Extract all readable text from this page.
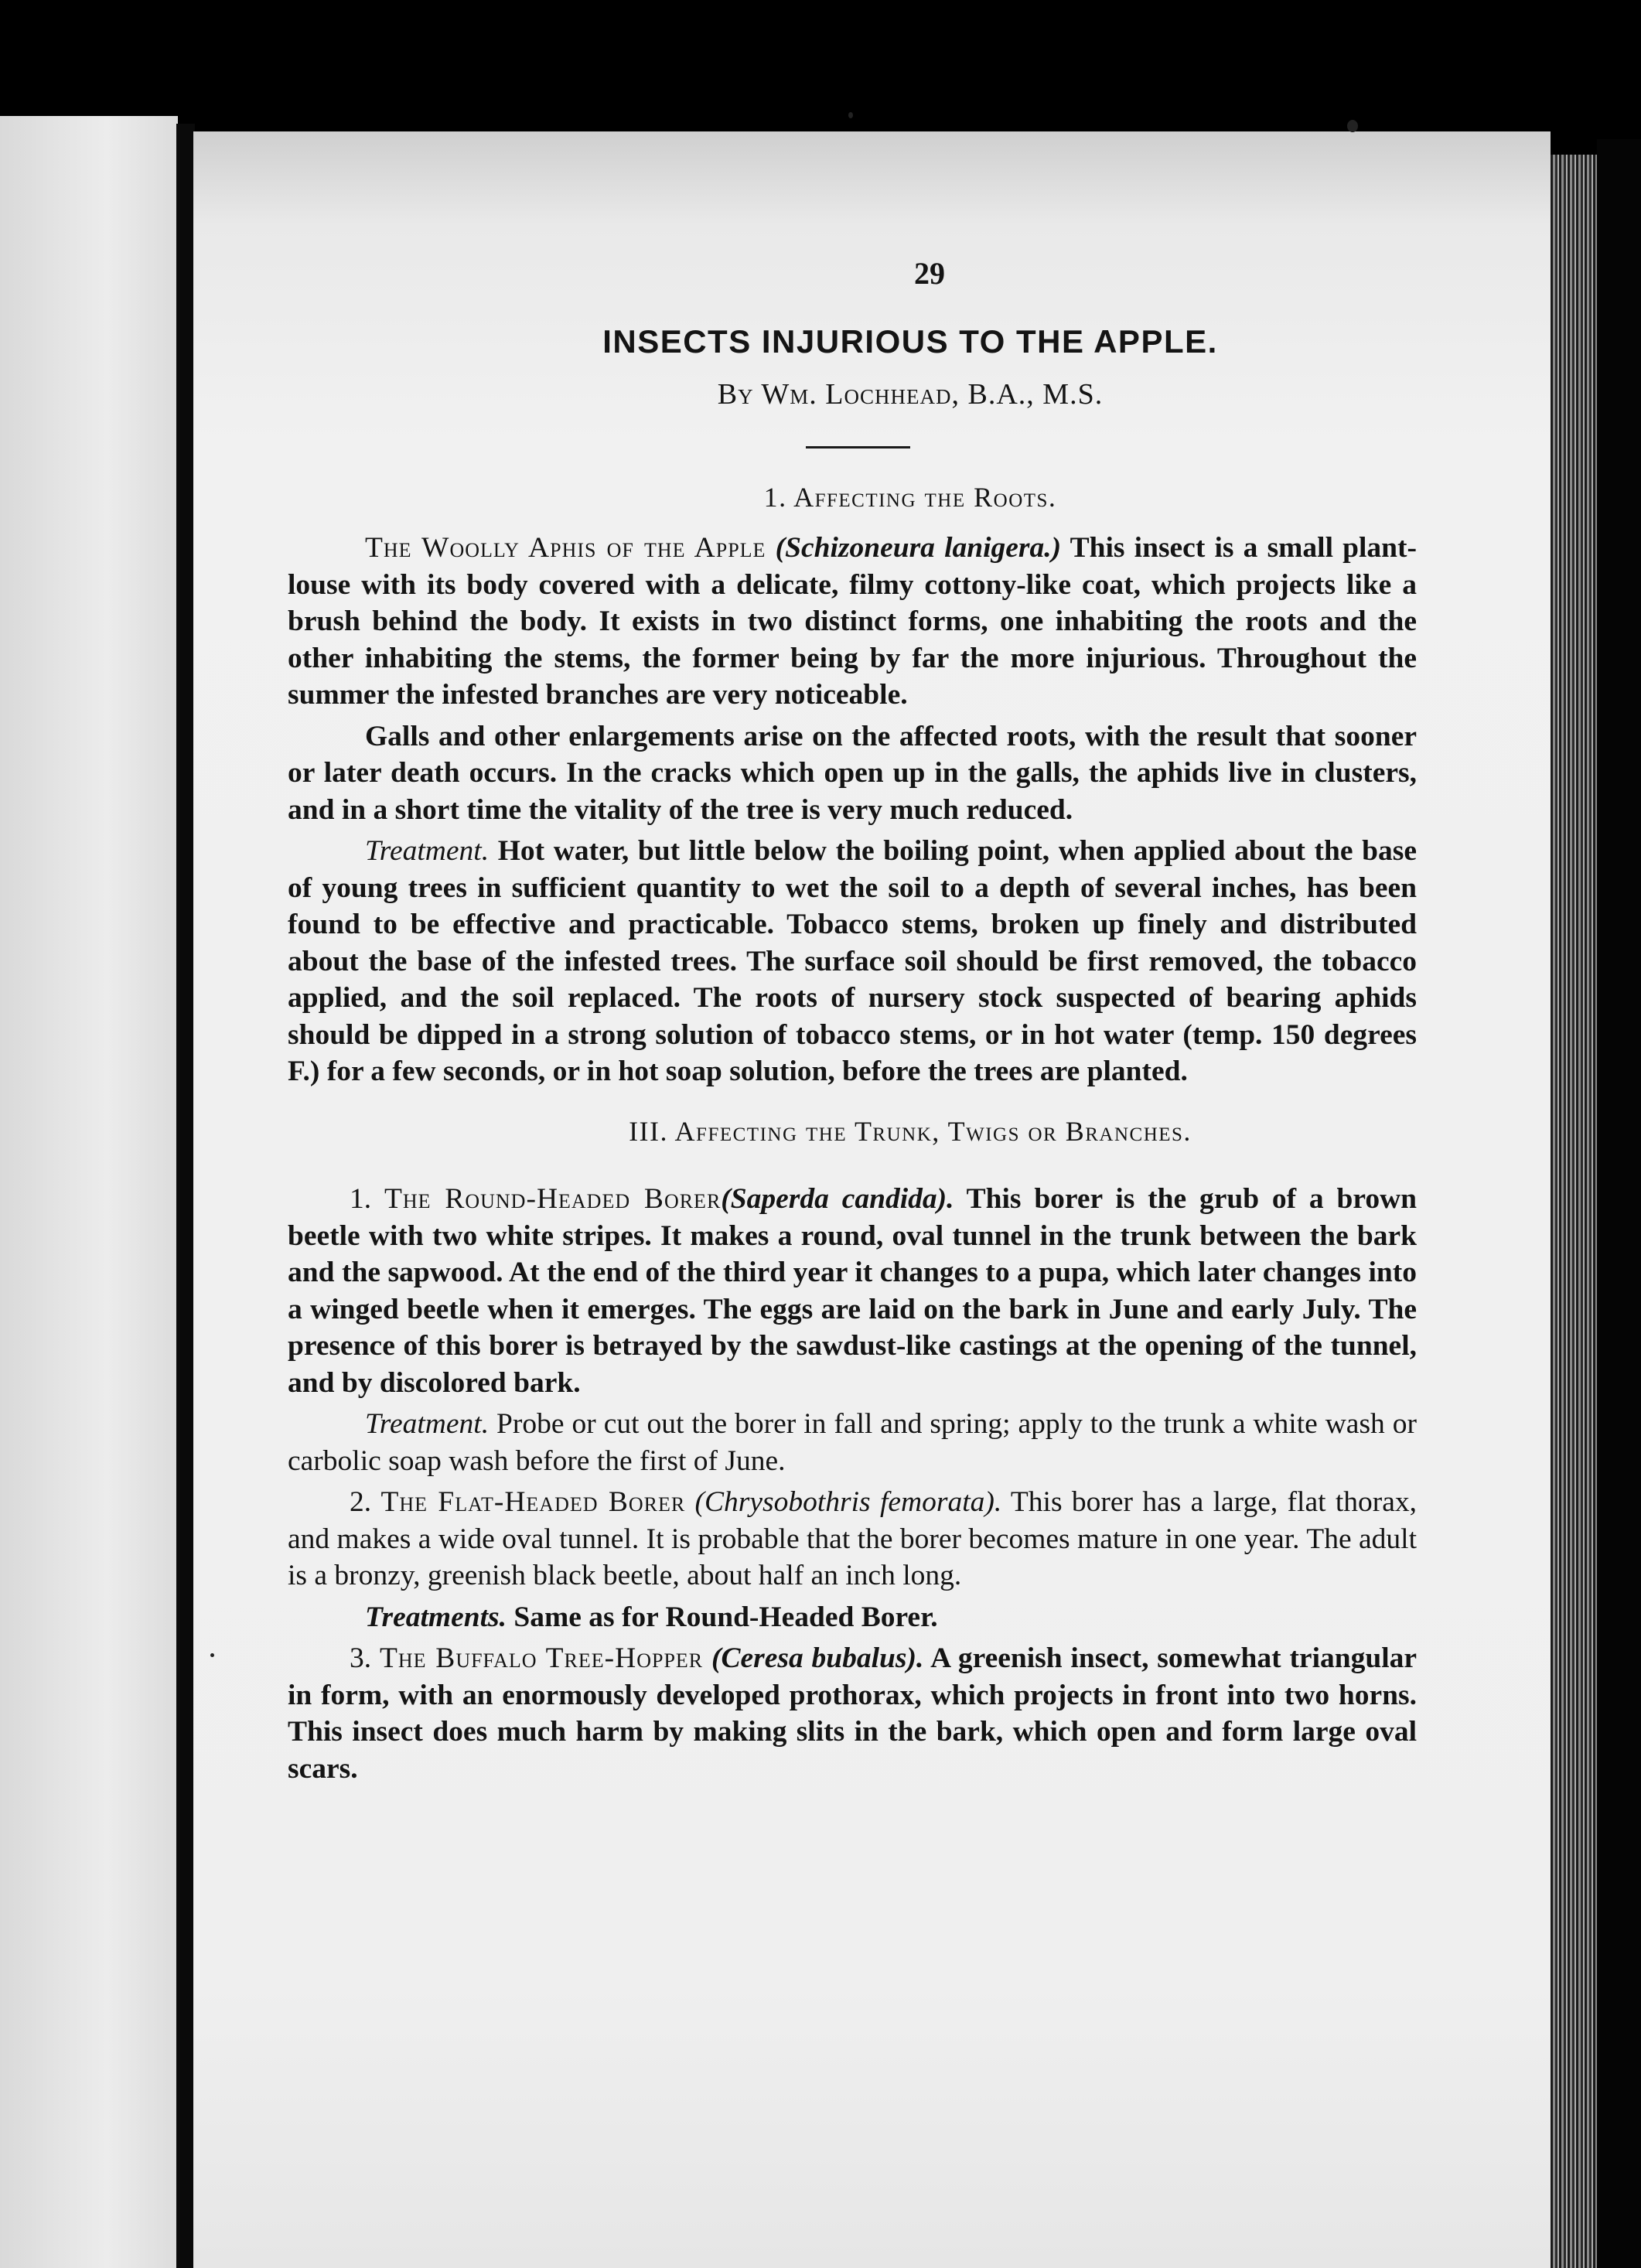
29
INSECTS INJURIOUS TO THE APPLE.
By Wm. Lochhead, B.A., M.S.
1. Affecting the Roots.

The Woolly Aphis of the Apple (Schizoneura lanigera.) This insect is a small plant-louse with its body covered with a delicate, filmy cottony-like coat, which projects like a brush behind the body. It exists in two distinct forms, one inhabiting the roots and the other inhabiting the stems, the former being by far the more injurious. Throughout the summer the infested branches are very noticeable.

Galls and other enlargements arise on the affected roots, with the result that sooner or later death occurs. In the cracks which open up in the galls, the aphids live in clusters, and in a short time the vitality of the tree is very much reduced.

Treatment. Hot water, but little below the boiling point, when applied about the base of young trees in sufficient quantity to wet the soil to a depth of several inches, has been found to be effective and practicable. Tobacco stems, broken up finely and distributed about the base of the infested trees. The surface soil should be first removed, the tobacco applied, and the soil replaced. The roots of nursery stock suspected of bearing aphids should be dipped in a strong solution of tobacco stems, or in hot water (temp. 150 degrees F.) for a few seconds, or in hot soap solution, before the trees are planted.

III. Affecting the Trunk, Twigs or Branches.

1. The Round-Headed Borer(Saperda candida). This borer is the grub of a brown beetle with two white stripes. It makes a round, oval tunnel in the trunk between the bark and the sapwood. At the end of the third year it changes to a pupa, which later changes into a winged beetle when it emerges. The eggs are laid on the bark in June and early July. The presence of this borer is betrayed by the sawdust-like castings at the opening of the tunnel, and by discolored bark.

Treatment. Probe or cut out the borer in fall and spring; apply to the trunk a white wash or carbolic soap wash before the first of June.

2. The Flat-Headed Borer (Chrysobothris femorata). This borer has a large, flat thorax, and makes a wide oval tunnel. It is probable that the borer becomes mature in one year. The adult is a bronzy, greenish black beetle, about half an inch long.

Treatments. Same as for Round-Headed Borer.

3. The Buffalo Tree-Hopper (Ceresa bubalus). A greenish insect, somewhat triangular in form, with an enormously developed prothorax, which projects in front into two horns. This insect does much harm by making slits in the bark, which open and form large oval scars.
